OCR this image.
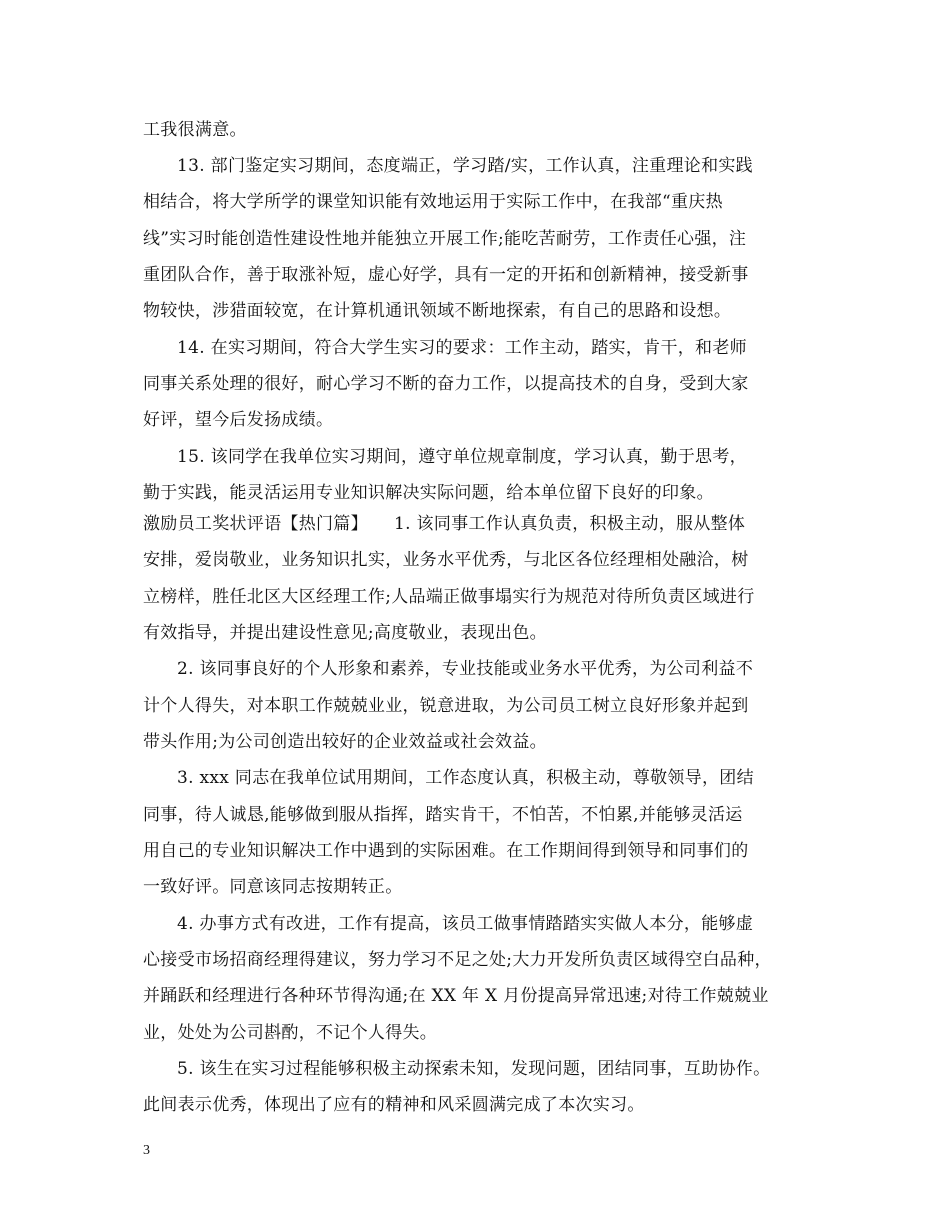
工我很满意。
13. 部门鉴定实习期间，态度端正，学习踏/实，工作认真，注重理论和实践
相结合，将大学所学的课堂知识能有效地运用于实际工作中，在我部“重庆热
线”实习时能创造性建设性地并能独立开展工作;能吃苦耐劳，工作责任心强，注
重团队合作，善于取涨补短，虚心好学，具有一定的开拓和创新精神，接受新事
物较快，涉猎面较宽，在计算机通讯领域不断地探索，有自己的思路和设想。
14. 在实习期间，符合大学生实习的要求：工作主动，踏实，肯干，和老师
同事关系处理的很好，耐心学习不断的奋力工作，以提高技术的自身，受到大家
好评，望今后发扬成绩。
15. 该同学在我单位实习期间，遵守单位规章制度，学习认真，勤于思考，
勤于实践，能灵活运用专业知识解决实际问题，给本单位留下良好的印象。
激励员工奖状评语【热门篇】　　1. 该同事工作认真负责，积极主动，服从整体
安排，爱岗敬业，业务知识扎实，业务水平优秀，与北区各位经理相处融洽，树
立榜样，胜任北区大区经理工作;人品端正做事塌实行为规范对待所负责区域进行
有效指导，并提出建设性意见;高度敬业，表现出色。
2. 该同事良好的个人形象和素养，专业技能或业务水平优秀，为公司利益不
计个人得失，对本职工作兢兢业业，锐意进取，为公司员工树立良好形象并起到
带头作用;为公司创造出较好的企业效益或社会效益。
3. xxx 同志在我单位试用期间，工作态度认真，积极主动，尊敬领导，团结
同事，待人诚恳,能够做到服从指挥，踏实肯干，不怕苦，不怕累,并能够灵活运
用自己的专业知识解决工作中遇到的实际困难。在工作期间得到领导和同事们的
一致好评。同意该同志按期转正。
4. 办事方式有改进，工作有提高，该员工做事情踏踏实实做人本分，能够虚
心接受市场招商经理得建议，努力学习不足之处;大力开发所负责区域得空白品种，
并踊跃和经理进行各种环节得沟通;在 XX 年 X 月份提高异常迅速;对待工作兢兢业
业，处处为公司斟酌，不记个人得失。
5. 该生在实习过程能够积极主动探索未知，发现问题，团结同事，互助协作。
此间表示优秀，体现出了应有的精神和风采圆满完成了本次实习。
3
